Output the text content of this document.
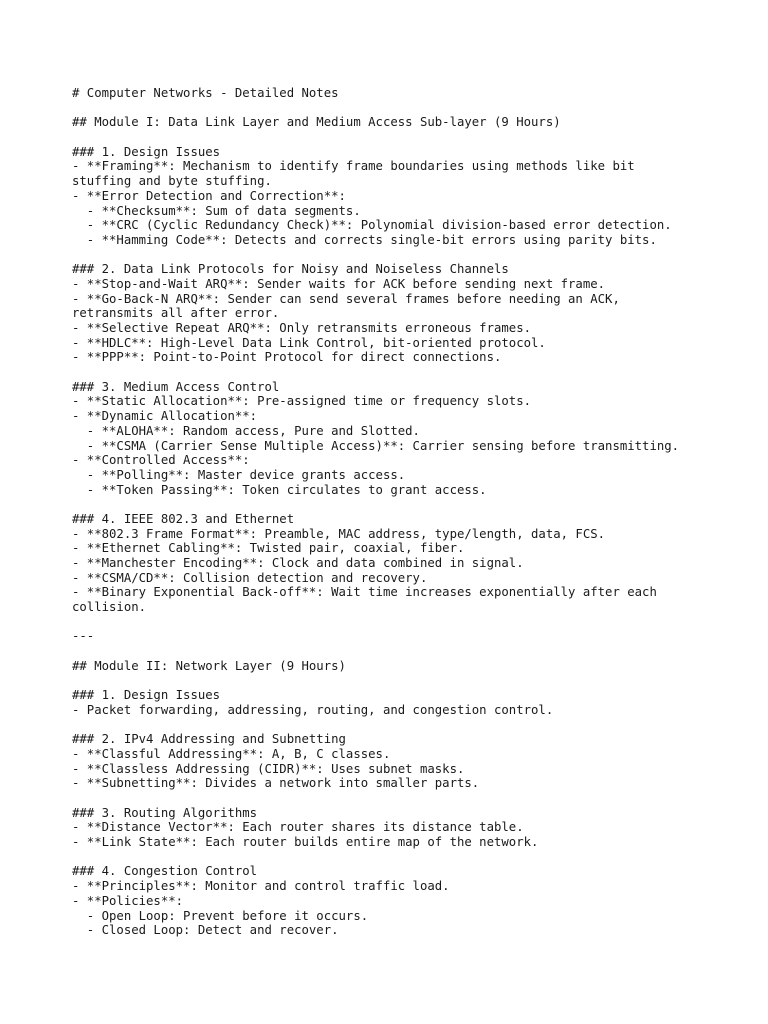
# Computer Networks - Detailed Notes
## Module I: Data Link Layer and Medium Access Sub-layer (9 Hours)
### 1. Design Issues
- **Framing**: Mechanism to identify frame boundaries using methods like bit
stuffing and byte stuffing.
- **Error Detection and Correction**:
- **Checksum**: Sum of data segments.
- **CRC (Cyclic Redundancy Check)**: Polynomial division-based error detection.
- **Hamming Code**: Detects and corrects single-bit errors using parity bits.
### 2. Data Link Protocols for Noisy and Noiseless Channels
- **Stop-and-Wait ARQ**: Sender waits for ACK before sending next frame.
- **Go-Back-N ARQ**: Sender can send several frames before needing an ACK,
retransmits all after error.
- **Selective Repeat ARQ**: Only retransmits erroneous frames.
- **HDLC**: High-Level Data Link Control, bit-oriented protocol.
- **PPP**: Point-to-Point Protocol for direct connections.
### 3. Medium Access Control
- **Static Allocation**: Pre-assigned time or frequency slots.
- **Dynamic Allocation**:
- **ALOHA**: Random access, Pure and Slotted.
- **CSMA (Carrier Sense Multiple Access)**: Carrier sensing before transmitting.
- **Controlled Access**:
- **Polling**: Master device grants access.
- **Token Passing**: Token circulates to grant access.
### 4. IEEE 802.3 and Ethernet
- **802.3 Frame Format**: Preamble, MAC address, type/length, data, FCS.
- **Ethernet Cabling**: Twisted pair, coaxial, fiber.
- **Manchester Encoding**: Clock and data combined in signal.
- **CSMA/CD**: Collision detection and recovery.
- **Binary Exponential Back-off**: Wait time increases exponentially after each
collision.
---
## Module II: Network Layer (9 Hours)
### 1. Design Issues
- Packet forwarding, addressing, routing, and congestion control.
### 2. IPv4 Addressing and Subnetting
- **Classful Addressing**: A, B, C classes.
- **Classless Addressing (CIDR)**: Uses subnet masks.
- **Subnetting**: Divides a network into smaller parts.
### 3. Routing Algorithms
- **Distance Vector**: Each router shares its distance table.
- **Link State**: Each router builds entire map of the network.
### 4. Congestion Control
- **Principles**: Monitor and control traffic load.
- **Policies**:
- Open Loop: Prevent before it occurs.
- Closed Loop: Detect and recover.
